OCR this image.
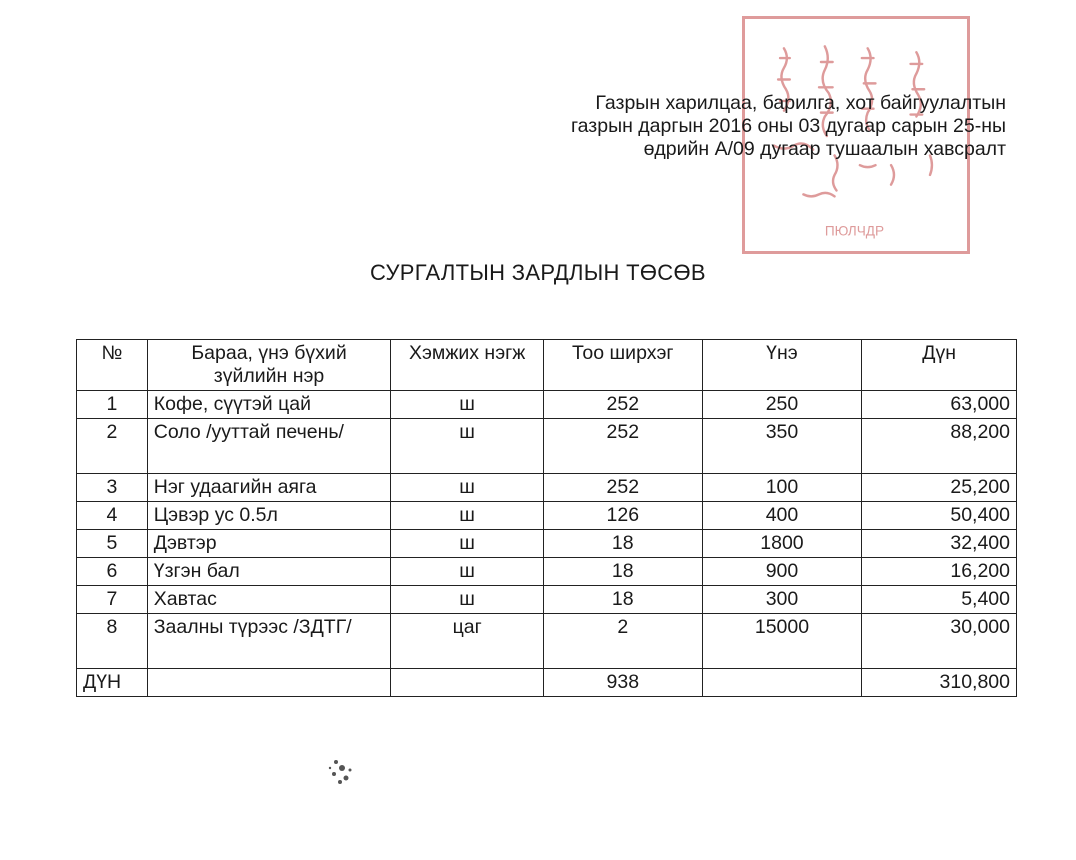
ПЮЛЧДР
Газрын харилцаа, барилга, хот байгуулалтын
газрын даргын 2016 оны 03 дугаар сарын 25-ны
өдрийн А/09 дугаар тушаалын хавсралт
СУРГАЛТЫН ЗАРДЛЫН ТӨСӨВ
№	Бараа, үнэ бүхий зүйлийн нэр	Хэмжих нэгж	Тоо ширхэг	Үнэ	Дүн
1	Кофе, сүүтэй цай	ш	252	250	63,000
2	Соло /ууттай печень/	ш	252	350	88,200
3	Нэг удаагийн аяга	ш	252	100	25,200
4	Цэвэр ус 0.5л	ш	126	400	50,400
5	Дэвтэр	ш	18	1800	32,400
6	Үзгэн бал	ш	18	900	16,200
7	Хавтас	ш	18	300	5,400
8	Заалны түрээс /ЗДТГ/	цаг	2	15000	30,000
ДҮН			938		310,800
